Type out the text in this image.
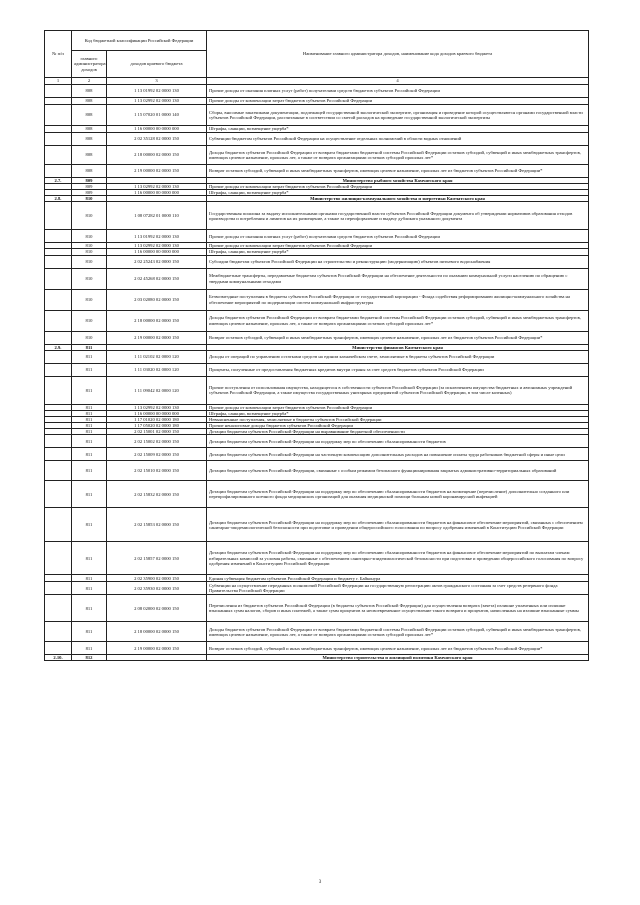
№ п/п	Код бюджетной классификации Российской Федерации		Наименование главного администратора доходов, наименование кода доходов краевого бюджета
	главного администратора доходов	доходов краевого бюджета	
1	2	3	4
	808	1 13 01992 02 0000 130	Прочие доходы от оказания платных услуг (работ) получателями средств бюджетов субъектов Российской Федерации
	808	1 13 02992 02 0000 130	Прочие доходы от компенсации затрат бюджетов субъектов Российской Федерации
	808	1 15 07020 01 0000 140	Сборы, вносимые заказчиками документации, подлежащей государственной экологической экспертизе, организация и проведение которой осуществляются органами государственной власти субъектов Российской Федерации, рассчитанные в соответствии со сметой расходов на проведение государственной экологической экспертизы
	808	1 16 00000 00 0000 000	Штрафы, санкции, возмещение ущерба*
	808	2 02 35128 02 0000 150	Субвенции бюджетам субъектов Российской Федерации на осуществление отдельных полномочий в области водных отношений
	808	2 18 00000 02 0000 150	Доходы бюджетов субъектов Российской Федерации от возврата бюджетами бюджетной системы Российской Федерации остатков субсидий, субвенций и иных межбюджетных трансфертов, имеющих целевое назначение, прошлых лет, а также от возврата организациями остатков субсидий прошлых лет*
	808	2 19 00000 02 0000 150	Возврат остатков субсидий, субвенций и иных межбюджетных трансфертов, имеющих целевое назначение, прошлых лет из бюджетов субъектов Российской Федерации*
2.7.	809		Министерство рыбного хозяйства Камчатского края
	809	1 13 02992 02 0000 130	Прочие доходы от компенсации затрат бюджетов субъектов Российской Федерации
	809	1 16 00000 00 0000 000	Штрафы, санкции, возмещение ущерба*
2.8.	810		Министерство жилищно-коммунального хозяйства и энергетики Камчатского края
	810	1 08 07282 01 0000 110	Государственная пошлина за выдачу исполнительными органами государственной власти субъектов Российской Федерации документа об утверждении нормативов образования отходов производства и потребления и лимитов на их размещение, а также за переоформление и выдачу дубликата указанного документа
	810	1 13 01992 02 0000 130	Прочие доходы от оказания платных услуг (работ) получателями средств бюджетов субъектов Российской Федерации
	810	1 13 02992 02 0000 130	Прочие доходы от компенсации затрат бюджетов субъектов Российской Федерации
	810	1 16 00000 00 0000 000	Штрафы, санкции, возмещение ущерба*
	810	2 02 25243 02 0000 150	Субсидии бюджетам субъектов Российской Федерации на строительство и реконструкцию (модернизацию) объектов питьевого водоснабжения
	810	2 02 45268 02 0000 150	Межбюджетные трансферты, передаваемые бюджетам субъектов Российской Федерации на обеспечение деятельности по оказанию коммунальной услуги населению по обращению с твердыми коммунальными отходами
	810	2 03 02080 02 0000 150	Безвозмездные поступления в бюджеты субъектов Российской Федерации от государственной корпорации - Фонда содействия реформированию жилищно-коммунального хозяйства на обеспечение мероприятий по модернизации систем коммунальной инфраструктуры
	810	2 18 00000 02 0000 150	Доходы бюджетов субъектов Российской Федерации от возврата бюджетами бюджетной системы Российской Федерации остатков субсидий, субвенций и иных межбюджетных трансфертов, имеющих целевое назначение, прошлых лет, а также от возврата организациями остатков субсидий прошлых лет*
	810	2 19 00000 02 0000 150	Возврат остатков субсидий, субвенций и иных межбюджетных трансфертов, имеющих целевое назначение, прошлых лет из бюджетов субъектов Российской Федерации*
2.9.	811		Министерство финансов Камчатского края
	811	1 11 02102 02 0000 120	Доходы от операций по управлению остатками средств на едином казначейском счете, зачисляемые в бюджеты субъектов Российской Федерации
	811	1 11 03020 02 0000 120	Проценты, полученные от предоставления бюджетных кредитов внутри страны за счет средств бюджетов субъектов Российской Федерации
	811	1 11 09042 02 0000 120	Прочие поступления от использования имущества, находящегося в собственности субъектов Российской Федерации (за исключением имущества бюджетных и автономных учреждений субъектов Российской Федерации, а также имущества государственных унитарных предприятий субъектов Российской Федерации, в том числе казенных)
	811	1 13 02992 02 0000 130	Прочие доходы от компенсации затрат бюджетов субъектов Российской Федерации
	811	1 16 00000 00 0000 000	Штрафы, санкции, возмещение ущерба*
	811	1 17 01020 02 0000 180	Невыясненные поступления, зачисляемые в бюджеты субъектов Российской Федерации
	811	1 17 05020 02 0000 180	Прочие неналоговые доходы бюджетов субъектов Российской Федерации
	811	2 02 15001 02 0000 150	Дотации бюджетам субъектов Российской Федерации на выравнивание бюджетной обеспеченности
	811	2 02 15002 02 0000 150	Дотации бюджетам субъектов Российской Федерации на поддержку мер по обеспечению сбалансированности бюджетов
	811	2 02 15009 02 0000 150	Дотации бюджетам субъектов Российской Федерации на частичную компенсацию дополнительных расходов на повышение оплаты труда работников бюджетной сферы и иные цели
	811	2 02 15010 02 0000 150	Дотации бюджетам субъектов Российской Федерации, связанные с особым режимом безопасного функционирования закрытых административно-территориальных образований
	811	2 02 15832 02 0000 150	Дотации бюджетам субъектов Российской Федерации на поддержку мер по обеспечению сбалансированности бюджетов на возмещение (перечисление) дополнительно созданного или перепрофилированного коечного фонда медицинских организаций для оказания медицинской помощи больным новой коронавирусной инфекцией
	811	2 02 15853 02 0000 150	Дотации бюджетам субъектов Российской Федерации на поддержку мер по обеспечению сбалансированности бюджетов на финансовое обеспечение мероприятий, связанных с обеспечением санитарно-эпидемиологической безопасности при подготовке и проведении общероссийского голосования по вопросу одобрения изменений в Конституцию Российской Федерации
	811	2 02 15857 02 0000 150	Дотации бюджетам субъектов Российской Федерации на поддержку мер по обеспечению сбалансированности бюджетов на финансовое обеспечение мероприятий по выплатам членам избирательных комиссий за условия работы, связанные с обеспечением санитарно-эпидемиологической безопасности при подготовке и проведении общероссийского голосования по вопросу одобрения изменений в Конституцию Российской Федерации
	811	2 02 35900 02 0000 150	Единая субвенция бюджетам субъектов Российской Федерации и бюджету г. Байконура
	811	2 02 35930 02 0000 150	Субвенции на осуществление переданных полномочий Российской Федерации на государственную регистрацию актов гражданского состояния за счет средств резервного фонда Правительства Российской Федерации
	811	2 08 02000 02 0000 150	Перечисления из бюджетов субъектов Российской Федерации (в бюджеты субъектов Российской Федерации) для осуществления возврата (зачета) излишне уплаченных или излишне взысканных сумм налогов, сборов и иных платежей, а также сумм процентов за несвоевременное осуществление такого возврата и процентов, начисленных на излишне взысканные суммы
	811	2 18 00000 02 0000 150	Доходы бюджетов субъектов Российской Федерации от возврата бюджетами бюджетной системы Российской Федерации остатков субсидий, субвенций и иных межбюджетных трансфертов, имеющих целевое назначение, прошлых лет, а также от возврата организациями остатков субсидий прошлых лет*
	811	2 19 00000 02 0000 150	Возврат остатков субсидий, субвенций и иных межбюджетных трансфертов, имеющих целевое назначение, прошлых лет из бюджетов субъектов Российской Федерации*
2.10.	812		Министерство строительства и жилищной политики Камчатского края
3
